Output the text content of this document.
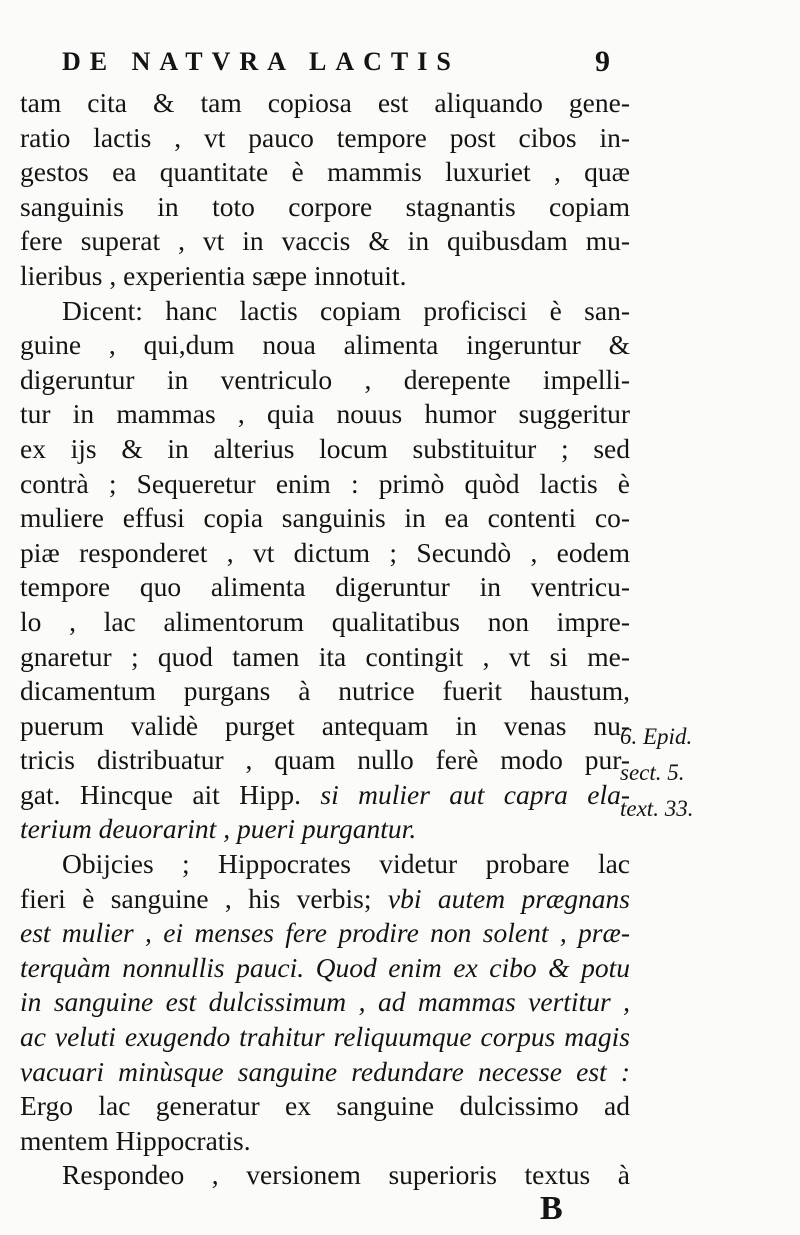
DE NATVRA LACTIS	9
tam cita & tam copiosa est aliquando gene-
ratio lactis , vt pauco tempore post cibos in-
gestos ea quantitate è mammis luxuriet , quæ
sanguinis in toto corpore stagnantis copiam
fere superat , vt in vaccis & in quibusdam mu-
lieribus , experientia sæpe innotuit.
Dicent: hanc lactis copiam proficisci è san-
guine , qui,dum noua alimenta ingeruntur &
digeruntur in ventriculo , derepente impelli-
tur in mammas , quia nouus humor suggeritur
ex ijs & in alterius locum substituitur ; sed
contrà ; Sequeretur enim : primò quòd lactis è
muliere effusi copia sanguinis in ea contenti co-
piæ responderet , vt dictum ; Secundò , eodem
tempore quo alimenta digeruntur in ventricu-
lo , lac alimentorum qualitatibus non impre-
gnaretur ; quod tamen ita contingit , vt si me-
dicamentum purgans à nutrice fuerit haustum,
puerum validè purget antequam in venas nu-
tricis distribuatur , quam nullo ferè modo pur-
gat. Hincque ait Hipp. si mulier aut capra ela-
terium deuorarint , pueri purgantur.
Obijcies ; Hippocrates videtur probare lac
fieri è sanguine , his verbis; vbi autem prægnans
est mulier , ei menses fere prodire non solent , præ-
terquàm nonnullis pauci. Quod enim ex cibo & potu
in sanguine est dulcissimum , ad mammas vertitur ,
ac veluti exugendo trahitur reliquumque corpus magis
vacuari minùsque sanguine redundare necesse est :
Ergo lac generatur ex sanguine dulcissimo ad
mentem Hippocratis.
Respondeo , versionem superioris textus à
6. Epid.
sect. 5.
text. 33.
B
